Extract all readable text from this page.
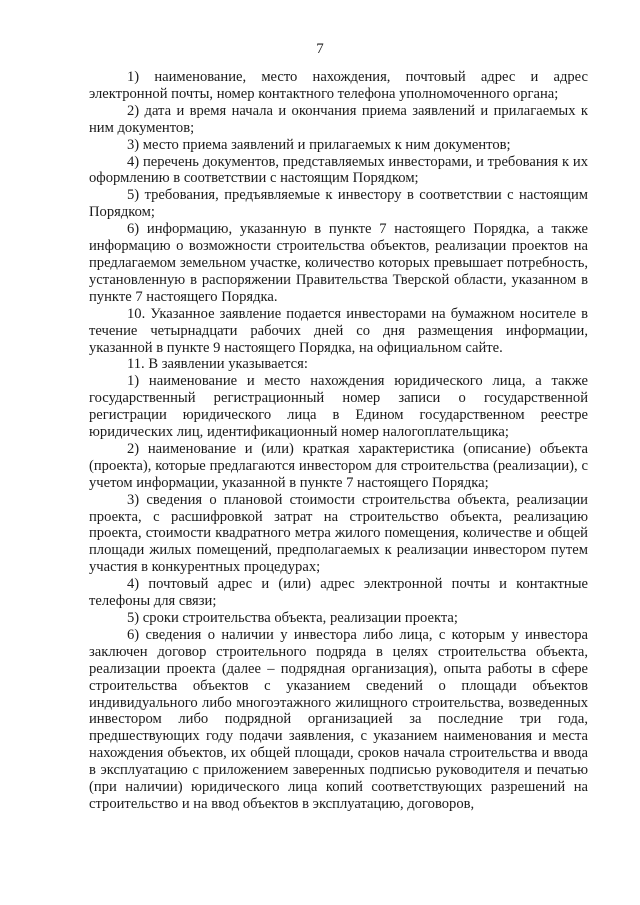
7

1) наименование, место нахождения, почтовый адрес и адрес электронной почты, номер контактного телефона уполномоченного органа;

2) дата и время начала и окончания приема заявлений и прилагаемых к ним документов;

3) место приема заявлений и прилагаемых к ним документов;

4) перечень документов, представляемых инвесторами, и требования к их оформлению в соответствии с настоящим Порядком;

5) требования, предъявляемые к инвестору в соответствии с настоящим Порядком;

6) информацию, указанную в пункте 7 настоящего Порядка, а также информацию о возможности строительства объектов, реализации проектов на предлагаемом земельном участке, количество которых превышает потребность, установленную в распоряжении Правительства Тверской области, указанном в пункте 7 настоящего Порядка.

10. Указанное заявление подается инвесторами на бумажном носителе в течение четырнадцати рабочих дней со дня размещения информации, указанной в пункте 9 настоящего Порядка, на официальном сайте.

11. В заявлении указывается:

1) наименование и место нахождения юридического лица, а также государственный регистрационный номер записи о государственной регистрации юридического лица в Едином государственном реестре юридических лиц, идентификационный номер налогоплательщика;

2) наименование и (или) краткая характеристика (описание) объекта (проекта), которые предлагаются инвестором для строительства (реализации), с учетом информации, указанной в пункте 7 настоящего Порядка;

3) сведения о плановой стоимости строительства объекта, реализации проекта, с расшифровкой затрат на строительство объекта, реализацию проекта, стоимости квадратного метра жилого помещения, количестве и общей площади жилых помещений, предполагаемых к реализации инвестором путем участия в конкурентных процедурах;

4) почтовый адрес и (или) адрес электронной почты и контактные телефоны для связи;

5) сроки строительства объекта, реализации проекта;

6) сведения о наличии у инвестора либо лица, с которым у инвестора заключен договор строительного подряда в целях строительства объекта, реализации проекта (далее – подрядная организация), опыта работы в сфере строительства объектов с указанием сведений о площади объектов индивидуального либо многоэтажного жилищного строительства, возведенных инвестором либо подрядной организацией за последние три года, предшествующих году подачи заявления, с указанием наименования и места нахождения объектов, их общей площади, сроков начала строительства и ввода в эксплуатацию с приложением заверенных подписью руководителя и печатью (при наличии) юридического лица копий соответствующих разрешений на строительство и на ввод объектов в эксплуатацию, договоров,
